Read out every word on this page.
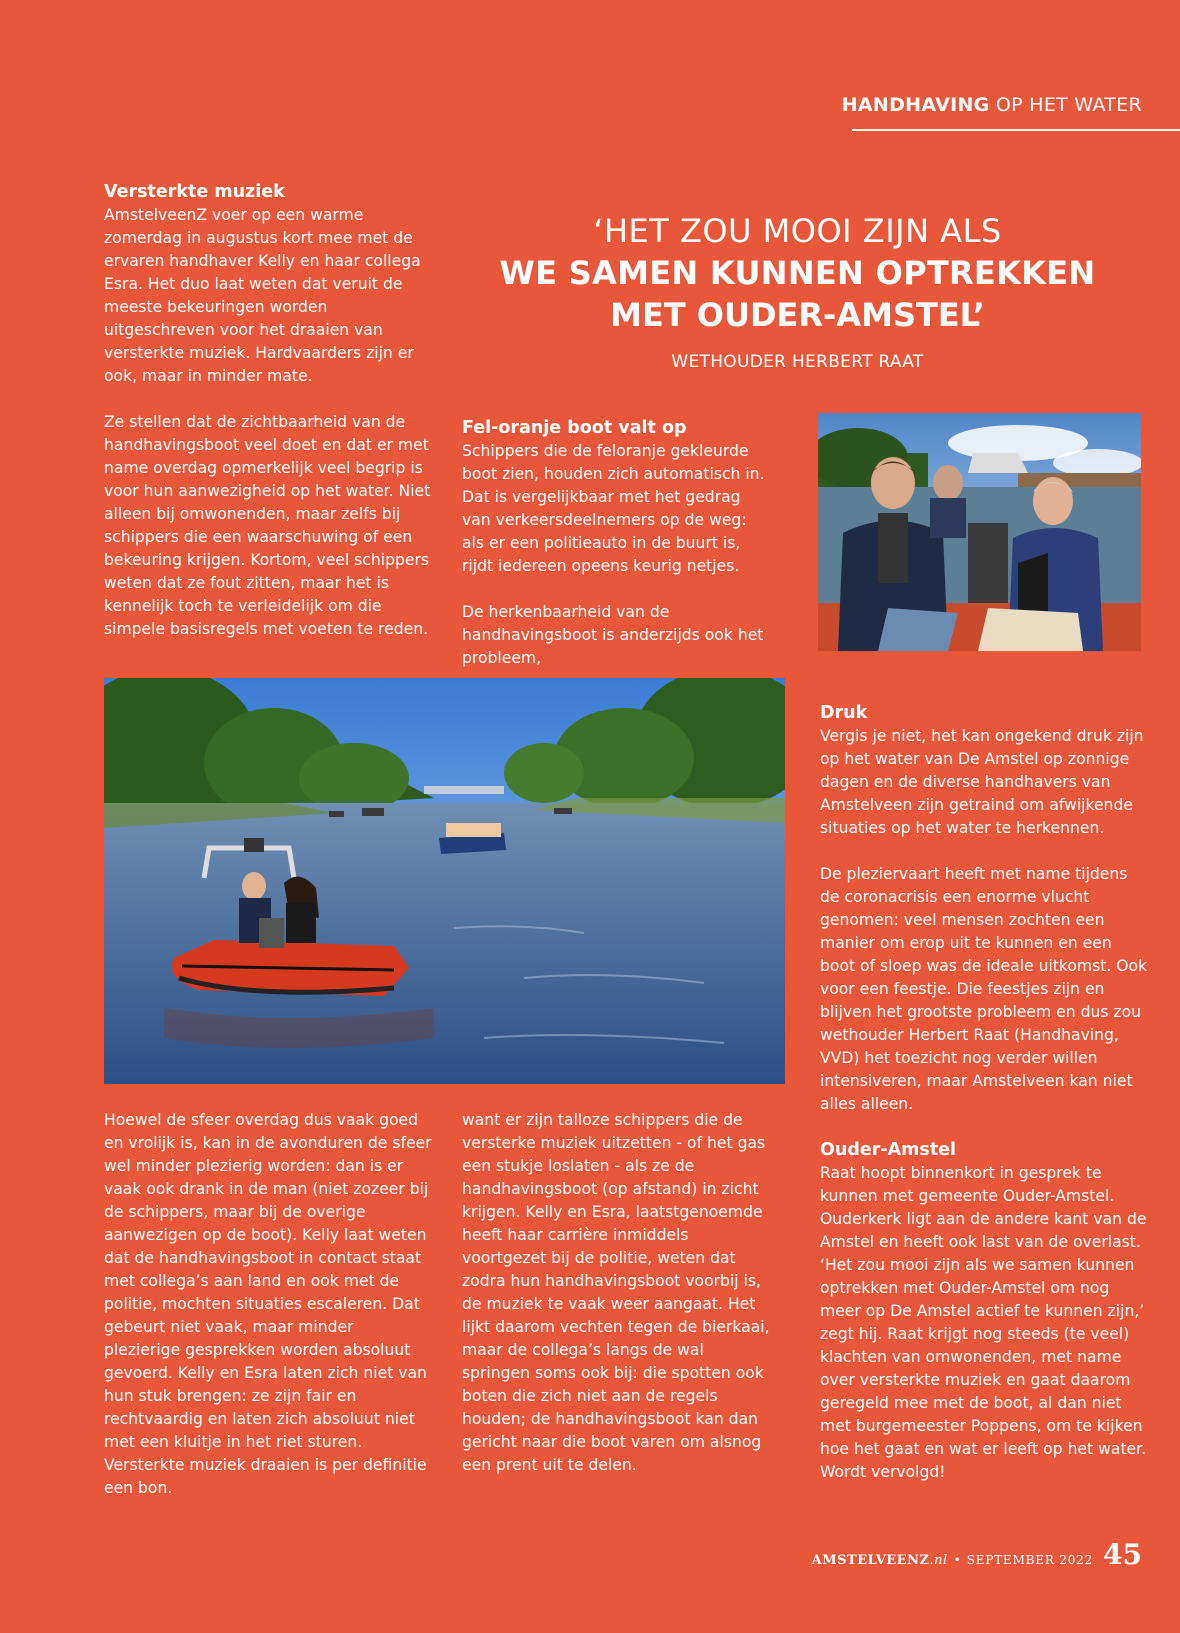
HANDHAVING OP HET WATER
Versterkte muziek

AmstelveenZ voer op een warme zomerdag in augustus kort mee met de ervaren handhaver Kelly en haar collega Esra. Het duo laat weten dat veruit de meeste bekeuringen worden uitgeschreven voor het draaien van versterkte muziek. Hardvaarders zijn er ook, maar in minder mate.

Ze stellen dat de zichtbaarheid van de handhavingsboot veel doet en dat er met name overdag opmerkelijk veel begrip is voor hun aanwezigheid op het water. Niet alleen bij omwonenden, maar zelfs bij schippers die een waarschuwing of een bekeuring krijgen. Kortom, veel schippers weten dat ze fout zitten, maar het is kennelijk toch te verleidelijk om die simpele basisregels met voeten te reden.

‘HET ZOU MOOI ZIJN ALS
WE SAMEN KUNNEN OPTREKKEN
MET OUDER-AMSTEL’
WETHOUDER HERBERT RAAT
Fel-oranje boot valt op

Schippers die de feloranje gekleurde boot zien, houden zich automatisch in. Dat is vergelijkbaar met het gedrag van verkeersdeelnemers op de weg: als er een politieauto in de buurt is, rijdt iedereen opeens keurig netjes.

De herkenbaarheid van de handhavingsboot is anderzijds ook het probleem,

Druk

Vergis je niet, het kan ongekend druk zijn op het water van De Amstel op zonnige dagen en de diverse handhavers van Amstelveen zijn getraind om afwijkende situaties op het water te herkennen.

De pleziervaart heeft met name tijdens de coronacrisis een enorme vlucht genomen: veel mensen zochten een manier om erop uit te kunnen en een boot of sloep was de ideale uitkomst. Ook voor een feestje. Die feestjes zijn en blijven het grootste probleem en dus zou wethouder Herbert Raat (Handhaving, VVD) het toezicht nog verder willen intensiveren, maar Amstelveen kan niet alles alleen.

Ouder-Amstel

Raat hoopt binnenkort in gesprek te kunnen met gemeente Ouder-Amstel. Ouderkerk ligt aan de andere kant van de Amstel en heeft ook last van de overlast. ‘Het zou mooi zijn als we samen kunnen optrekken met Ouder-Amstel om nog meer op De Amstel actief te kunnen zijn,’ zegt hij. Raat krijgt nog steeds (te veel) klachten van omwonenden, met name over versterkte muziek en gaat daarom geregeld mee met de boot, al dan niet met burgemeester Poppens, om te kijken hoe het gaat en wat er leeft op het water. Wordt vervolgd!

Hoewel de sfeer overdag dus vaak goed en vrolijk is, kan in de avonduren de sfeer wel minder plezierig worden: dan is er vaak ook drank in de man (niet zozeer bij de schippers, maar bij de overige aanwezigen op de boot). Kelly laat weten dat de handhavingsboot in contact staat met collega’s aan land en ook met de politie, mochten situaties escaleren. Dat gebeurt niet vaak, maar minder plezierige gesprekken worden absoluut gevoerd. Kelly en Esra laten zich niet van hun stuk brengen: ze zijn fair en rechtvaardig en laten zich absoluut niet met een kluitje in het riet sturen. Versterkte muziek draaien is per definitie een bon.

want er zijn talloze schippers die de versterke muziek uitzetten - of het gas een stukje loslaten - als ze de handhavingsboot (op afstand) in zicht krijgen. Kelly en Esra, laatstgenoemde heeft haar carrière inmiddels voortgezet bij de politie, weten dat zodra hun handhavingsboot voorbij is, de muziek te vaak weer aangaat. Het lijkt daarom vechten tegen de bierkaai, maar de collega’s langs de wal springen soms ook bij: die spotten ook boten die zich niet aan de regels houden; de handhavingsboot kan dan gericht naar die boot varen om alsnog een prent uit te delen.

AMSTELVEENZ.nl • SEPTEMBER 2022 45
